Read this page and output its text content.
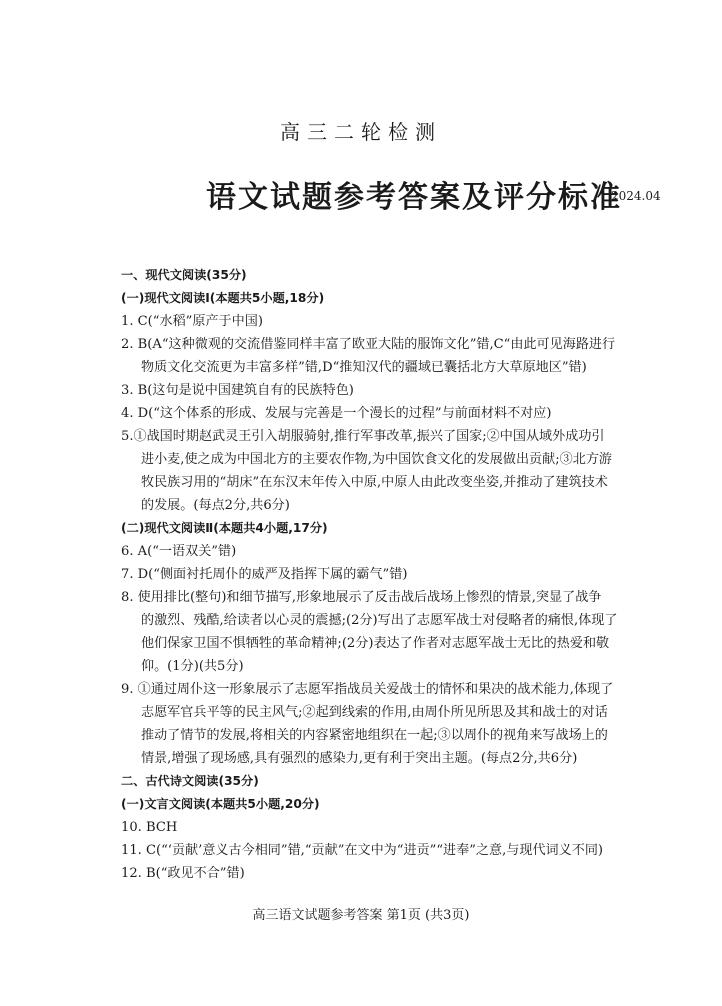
高三二轮检测
语文试题参考答案及评分标准
2024.04
一、现代文阅读(35分)
(一)现代文阅读Ⅰ(本题共5小题,18分)
1. C(“水稻”原产于中国)
2. B(A“这种微观的交流借鉴同样丰富了欧亚大陆的服饰文化”错,C“由此可见海路进行
物质文化交流更为丰富多样”错,D“推知汉代的疆域已囊括北方大草原地区”错)
3. B(这句是说中国建筑自有的民族特色)
4. D(“这个体系的形成、发展与完善是一个漫长的过程”与前面材料不对应)
5.①战国时期赵武灵王引入胡服骑射,推行军事改革,振兴了国家;②中国从域外成功引
进小麦,使之成为中国北方的主要农作物,为中国饮食文化的发展做出贡献;③北方游
牧民族习用的“胡床”在东汉末年传入中原,中原人由此改变坐姿,并推动了建筑技术
的发展。(每点2分,共6分)
(二)现代文阅读Ⅱ(本题共4小题,17分)
6. A(“一语双关”错)
7. D(“侧面衬托周仆的威严及指挥下属的霸气”错)
8. 使用排比(整句)和细节描写,形象地展示了反击战后战场上惨烈的情景,突显了战争
的激烈、残酷,给读者以心灵的震撼;(2分)写出了志愿军战士对侵略者的痛恨,体现了
他们保家卫国不惧牺牲的革命精神;(2分)表达了作者对志愿军战士无比的热爱和敬
仰。(1分)(共5分)
9. ①通过周仆这一形象展示了志愿军指战员关爱战士的情怀和果决的战术能力,体现了
志愿军官兵平等的民主风气;②起到线索的作用,由周仆所见所思及其和战士的对话
推动了情节的发展,将相关的内容紧密地组织在一起;③以周仆的视角来写战场上的
情景,增强了现场感,具有强烈的感染力,更有利于突出主题。(每点2分,共6分)
二、古代诗文阅读(35分)
(一)文言文阅读(本题共5小题,20分)
10. BCH
11. C(“‘贡献’意义古今相同”错,“贡献”在文中为“进贡”“进奉”之意,与现代词义不同)
12. B(“政见不合”错)
高三语文试题参考答案 第1页 (共3页)
